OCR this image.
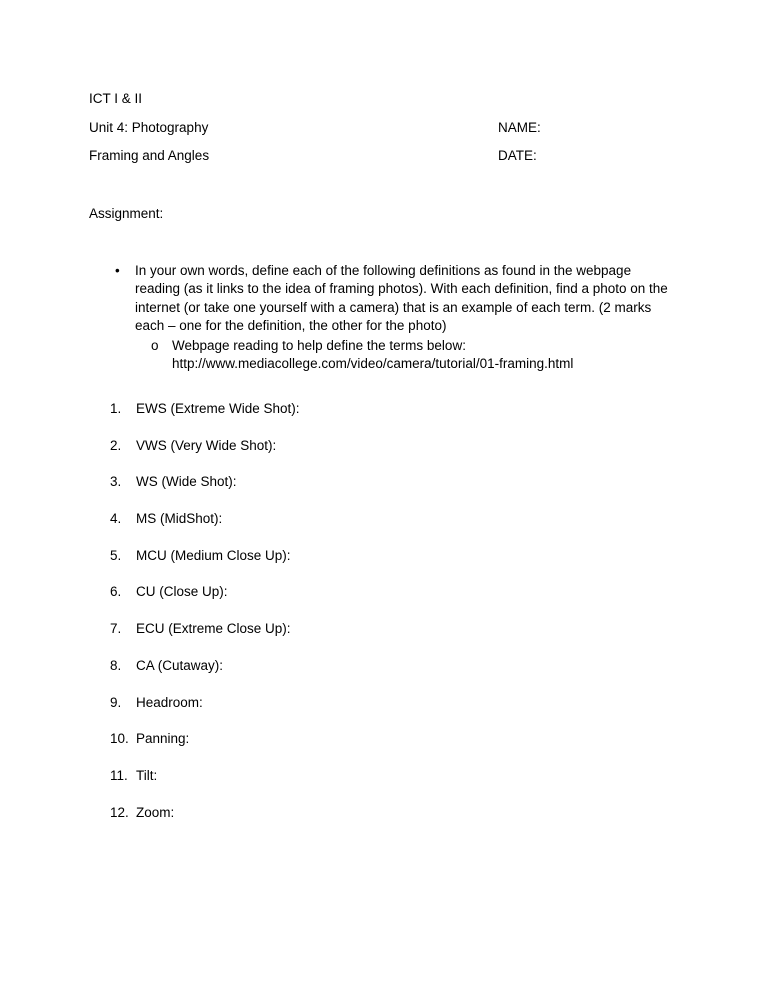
ICT I & II
Unit 4: Photography	NAME:
Framing and Angles	DATE:
Assignment:
• In your own words, define each of the following definitions as found in the webpage reading (as it links to the idea of framing photos). With each definition, find a photo on the internet (or take one yourself with a camera) that is an example of each term. (2 marks each – one for the definition, the other for the photo)
o Webpage reading to help define the terms below:
http://www.mediacollege.com/video/camera/tutorial/01-framing.html
1. EWS (Extreme Wide Shot):
2. VWS (Very Wide Shot):
3. WS (Wide Shot):
4. MS (MidShot):
5. MCU (Medium Close Up):
6. CU (Close Up):
7. ECU (Extreme Close Up):
8. CA (Cutaway):
9. Headroom:
10. Panning:
11. Tilt:
12. Zoom:
